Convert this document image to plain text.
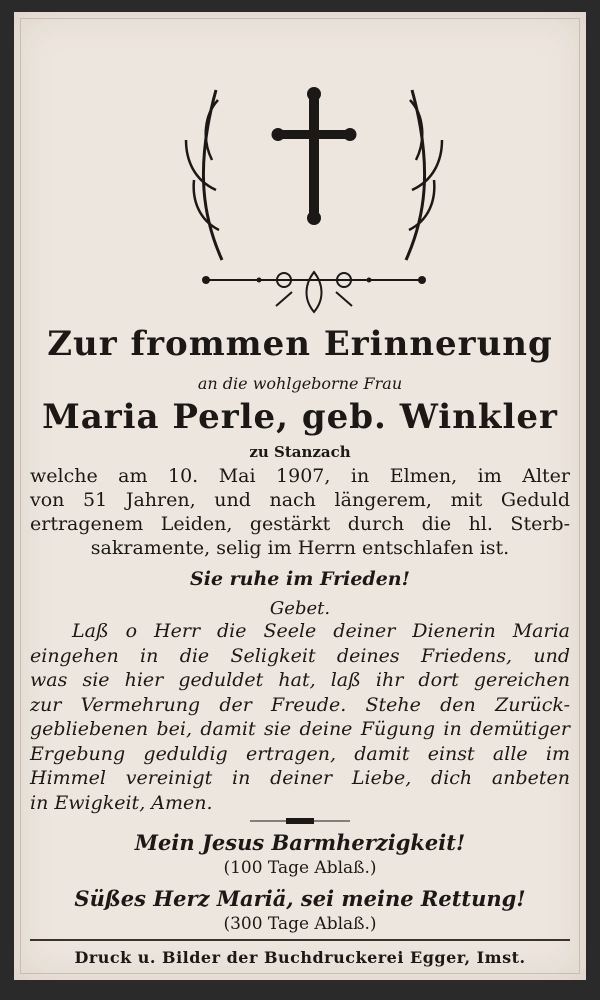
Zur frommen Erinnerung
an die wohlgeborne Frau
Maria Perle, geb. Winkler
zu Stanzach
welche am 10. Mai 1907, in Elmen, im Alter
von 51 Jahren, und nach längerem, mit Geduld
ertragenem Leiden, gestärkt durch die hl. Sterb-
sakramente, selig im Herrn entschlafen ist.
Sie ruhe im Frieden!
Gebet.
Laß o Herr die Seele deiner Dienerin Maria
eingehen in die Seligkeit deines Friedens, und
was sie hier geduldet hat, laß ihr dort gereichen
zur Vermehrung der Freude. Stehe den Zurück-
gebliebenen bei, damit sie deine Fügung in demütiger
Ergebung geduldig ertragen, damit einst alle im
Himmel vereinigt in deiner Liebe, dich anbeten
in Ewigkeit, Amen.
Mein Jesus Barmherzigkeit!
(100 Tage Ablaß.)
Süßes Herz Mariä, sei meine Rettung!
(300 Tage Ablaß.)
Druck u. Bilder der Buchdruckerei Egger, Imst.
